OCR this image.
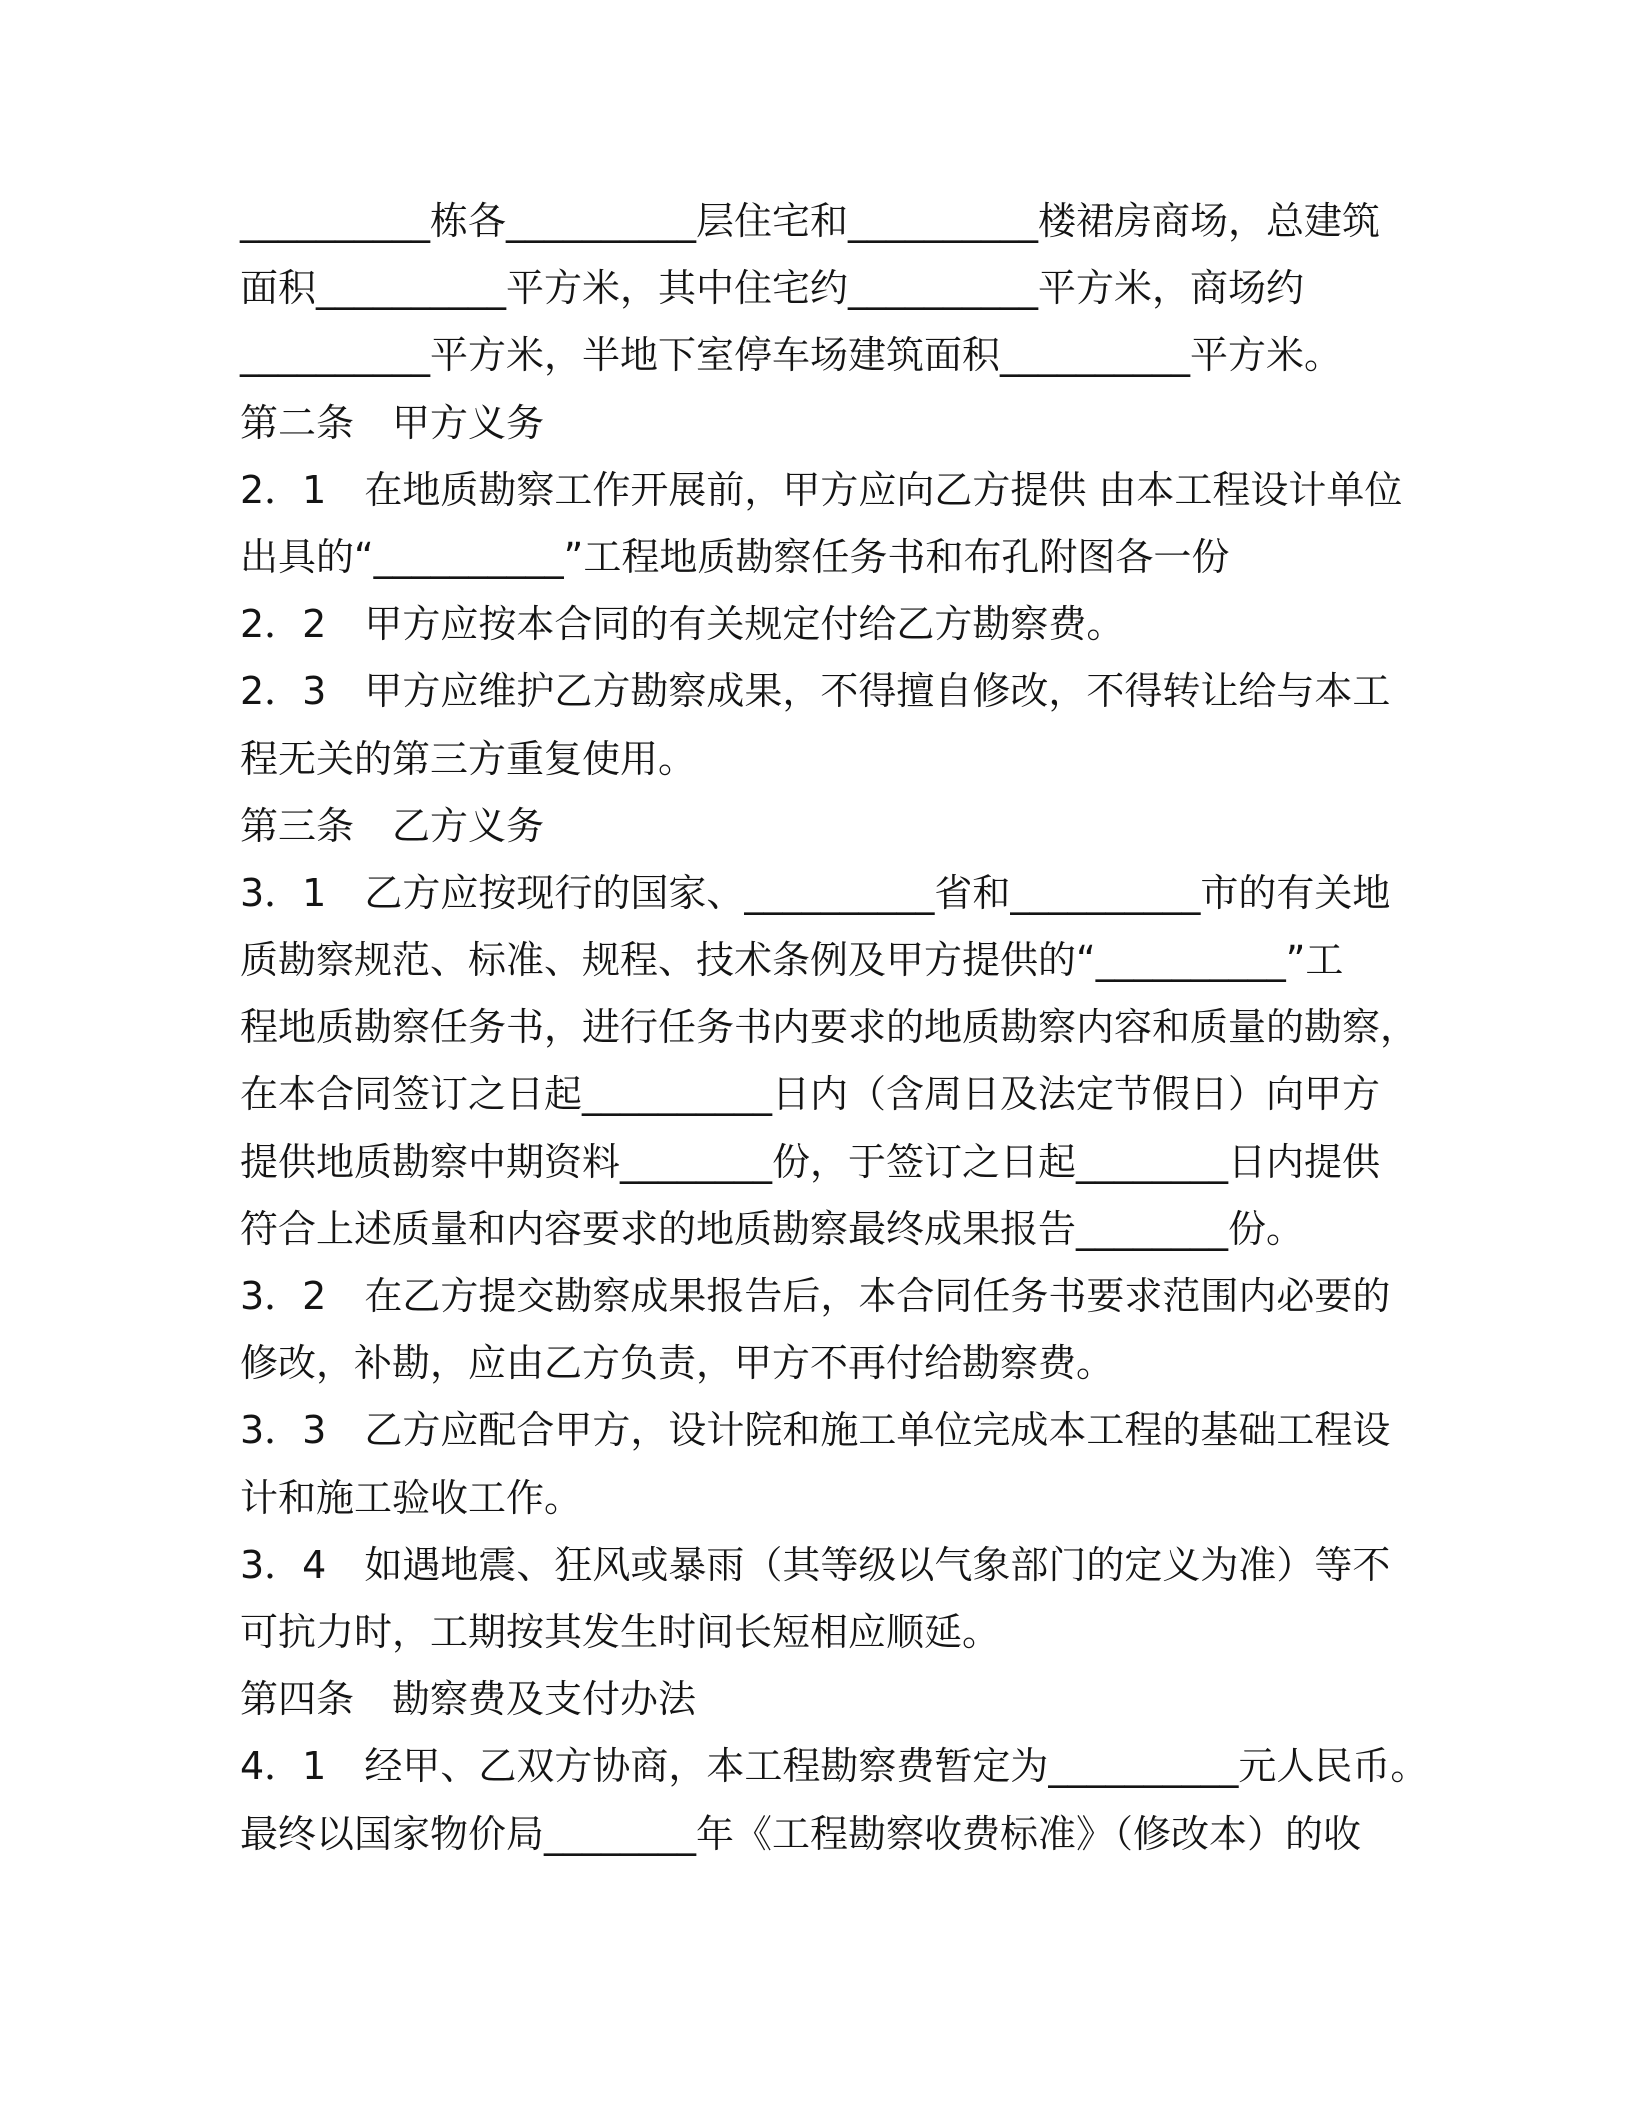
__________栋各__________层住宅和__________楼裙房商场，总建筑
面积__________平方米，其中住宅约__________平方米，商场约
__________平方米，半地下室停车场建筑面积__________平方米。
第二条　甲方义务
2．1　在地质勘察工作开展前，甲方应向乙方提供 由本工程设计单位
出具的“__________”工程地质勘察任务书和布孔附图各一份
2．2　甲方应按本合同的有关规定付给乙方勘察费。
2．3　甲方应维护乙方勘察成果，不得擅自修改，不得转让给与本工
程无关的第三方重复使用。
第三条　乙方义务
3．1　乙方应按现行的国家、__________省和__________市的有关地
质勘察规范、标准、规程、技术条例及甲方提供的“__________”工
程地质勘察任务书，进行任务书内要求的地质勘察内容和质量的勘察，
在本合同签订之日起__________日内（含周日及法定节假日）向甲方
提供地质勘察中期资料________份，于签订之日起________日内提供
符合上述质量和内容要求的地质勘察最终成果报告________份。
3．2　在乙方提交勘察成果报告后，本合同任务书要求范围内必要的
修改，补勘，应由乙方负责，甲方不再付给勘察费。
3．3　乙方应配合甲方，设计院和施工单位完成本工程的基础工程设
计和施工验收工作。
3．4　如遇地震、狂风或暴雨（其等级以气象部门的定义为准）等不
可抗力时，工期按其发生时间长短相应顺延。
第四条　勘察费及支付办法
4．1　经甲、乙双方协商，本工程勘察费暂定为__________元人民币。
最终以国家物价局________年《工程勘察收费标准》（修改本）的收
